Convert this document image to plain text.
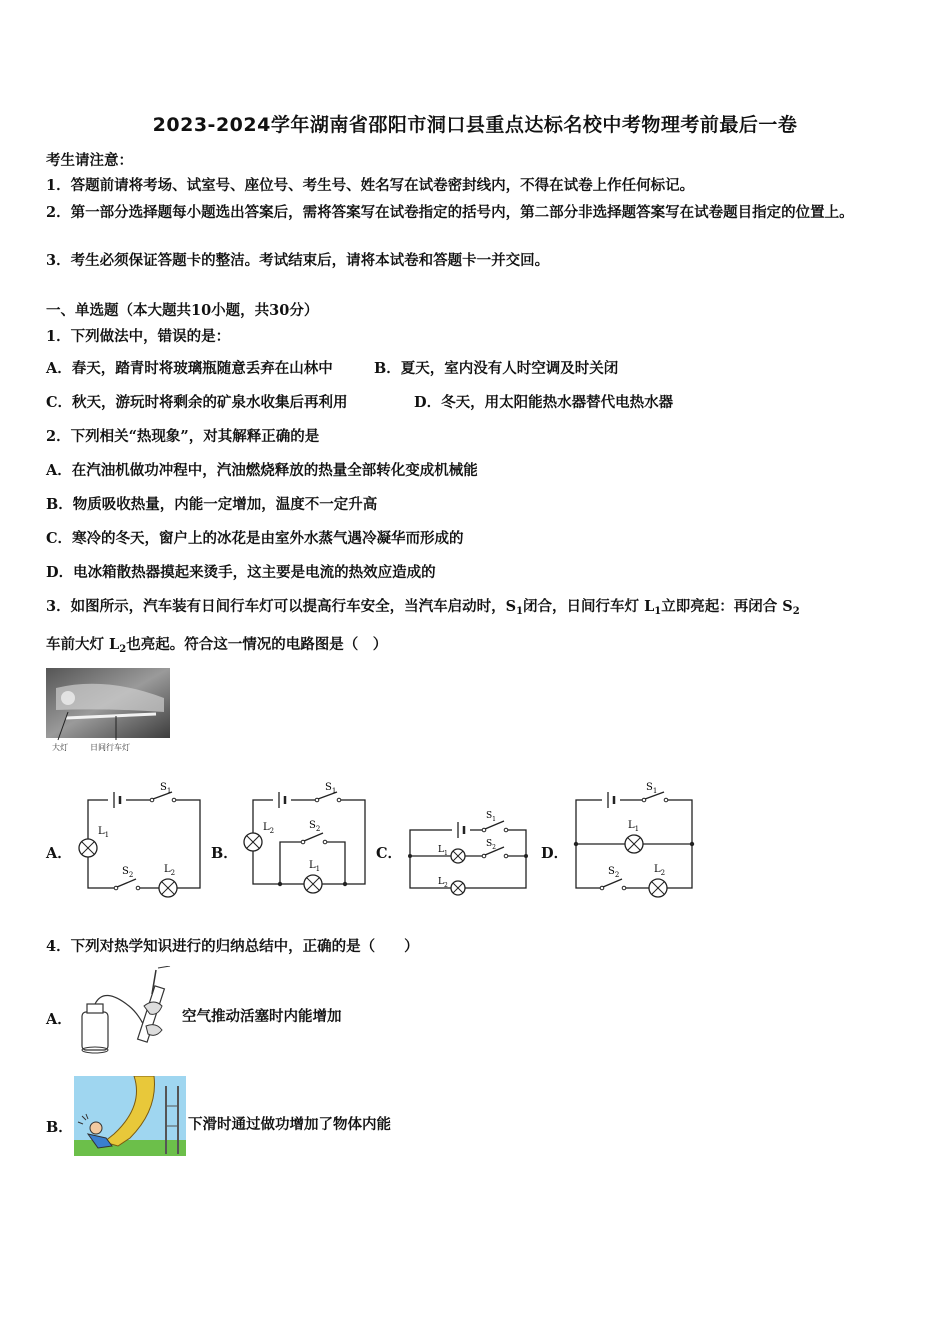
2023-2024学年湖南省邵阳市洞口县重点达标名校中考物理考前最后一卷
考生请注意：
1．答题前请将考场、试室号、座位号、考生号、姓名写在试卷密封线内，不得在试卷上作任何标记。
2．第一部分选择题每小题选出答案后，需将答案写在试卷指定的括号内，第二部分非选择题答案写在试卷题目指定的位置上。
3．考生必须保证答题卡的整洁。考试结束后，请将本试卷和答题卡一并交回。
一、单选题（本大题共10小题，共30分）
1．下列做法中，错误的是：
A．春天，踏青时将玻璃瓶随意丢弃在山林中	B．夏天，室内没有人时空调及时关闭
C．秋天，游玩时将剩余的矿泉水收集后再利用	D．冬天，用太阳能热水器替代电热水器
2．下列相关“热现象”，对其解释正确的是
A．在汽油机做功冲程中，汽油燃烧释放的热量全部转化变成机械能
B．物质吸收热量，内能一定增加，温度不一定升高
C．寒冷的冬天，窗户上的冰花是由室外水蒸气遇冷凝华而形成的
D．电冰箱散热器摸起来烫手，这主要是电流的热效应造成的
3．如图所示，汽车装有日间行车灯可以提高行车安全，当汽车启动时，$S_1$闭合，日间行车灯 $L_1$立即亮起：再闭合 $S_2$
车前大灯 $L_2$也亮起。符合这一情况的电路图是（　）
大灯	日间行车灯
A．	B．	C．	D．
$S_1$
$L_1$
$S_2$	$L_2$
$S_1$
$L_2$	$S_2$
$L_1$
$S_1$
$L_1$
$S_2$
$L_2$
$S_1$
$L_1$
$S_2$	$L_2$
4．下列对热学知识进行的归纳总结中，正确的是（　　）
A．	空气推动活塞时内能增加
B．	下滑时通过做功增加了物体内能
